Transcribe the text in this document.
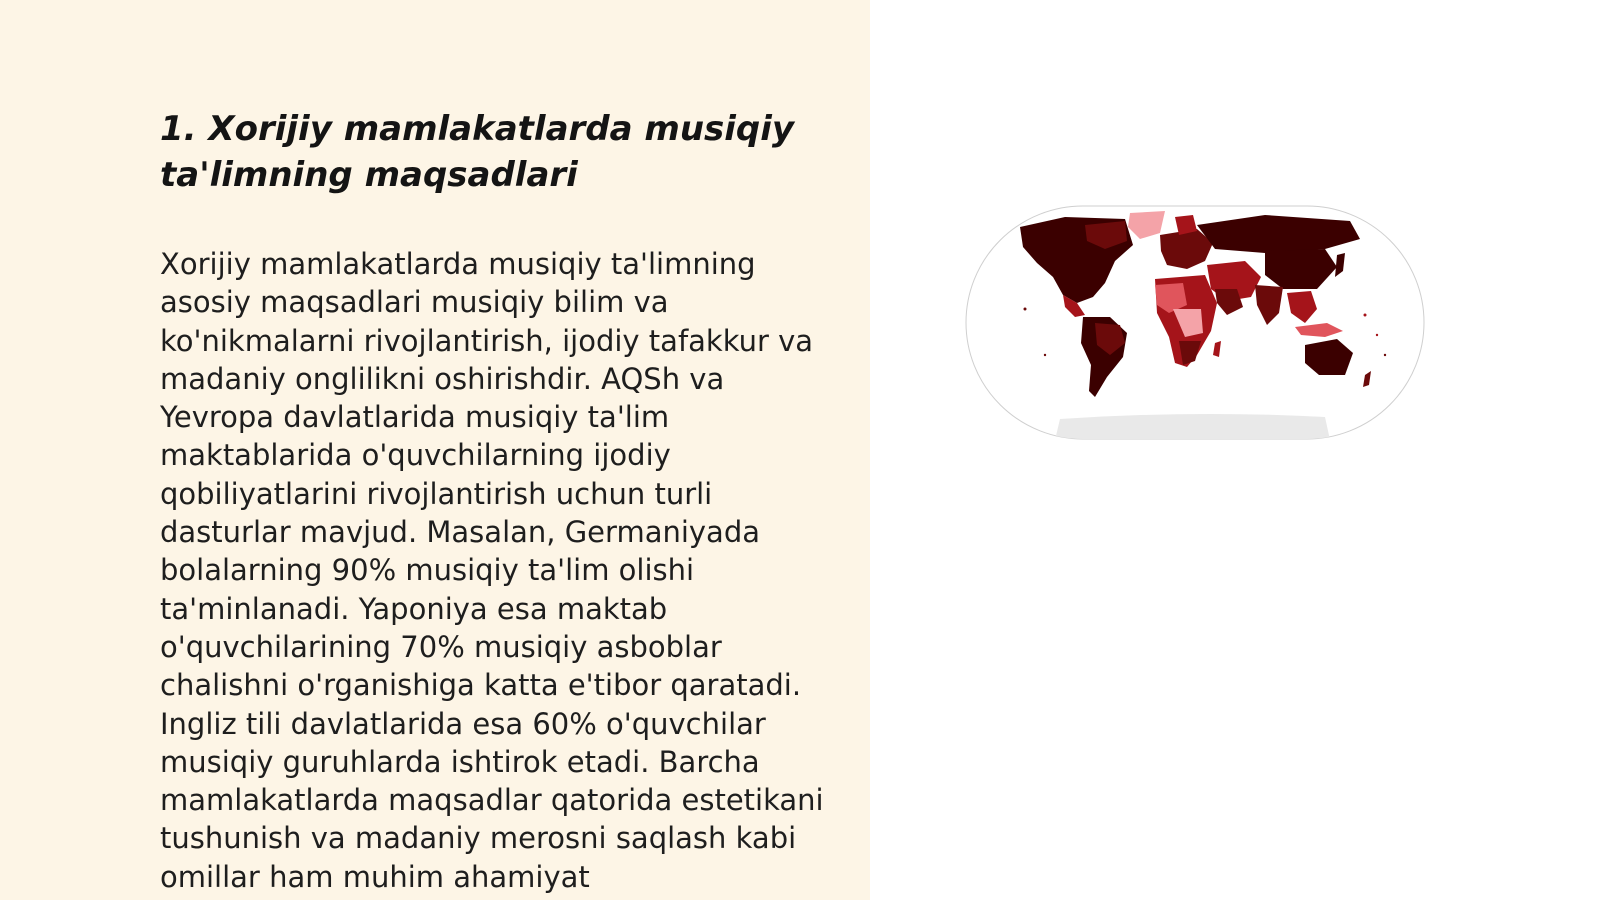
1. Xorijiy mamlakatlarda musiqiy ta'limning maqsadlari

Xorijiy mamlakatlarda musiqiy ta'limning asosiy maqsadlari musiqiy bilim va ko'nikmalarni rivojlantirish, ijodiy tafakkur va madaniy onglilikni oshirishdir. AQSh va Yevropa davlatlarida musiqiy ta'lim maktablarida o'quvchilarning ijodiy qobiliyatlarini rivojlantirish uchun turli dasturlar mavjud. Masalan, Germaniyada bolalarning 90% musiqiy ta'lim olishi ta'minlanadi. Yaponiya esa maktab o'quvchilarining 70% musiqiy asboblar chalishni o'rganishiga katta e'tibor qaratadi. Ingliz tili davlatlarida esa 60% o'quvchilar musiqiy guruhlarda ishtirok etadi. Barcha mamlakatlarda maqsadlar qatorida estetikani tushunish va madaniy merosni saqlash kabi omillar ham muhim ahamiyat
